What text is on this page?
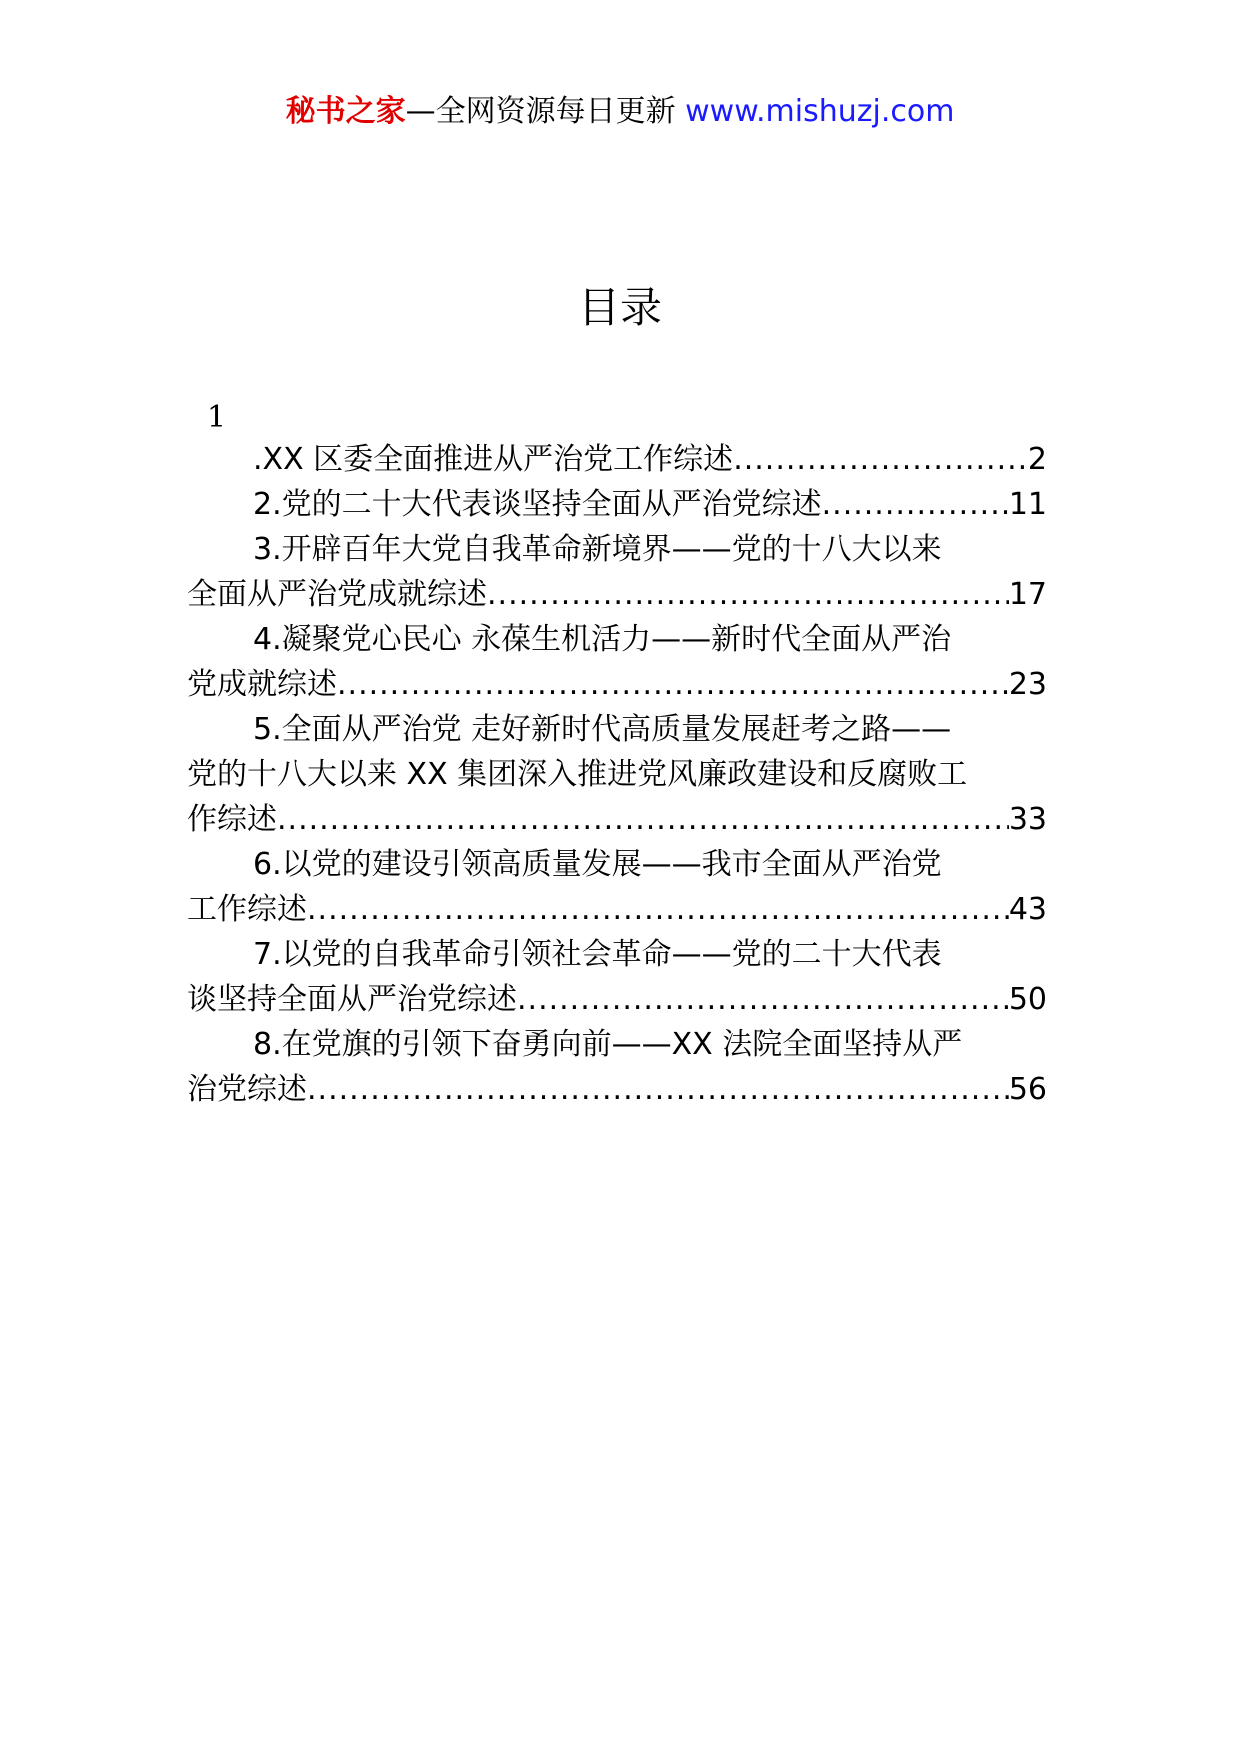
秘书之家—全网资源每日更新 www.mishuzj.com
目录
1
.XX 区委全面推进从严治党工作综述 .....	2
2.党的二十大代表谈坚持全面从严治党综述 .....	11
3.开辟百年大党自我革命新境界——党的十八大以来
全面从严治党成就综述 .....	17
4.凝聚党心民心 永葆生机活力——新时代全面从严治
党成就综述 .....	23
5.全面从严治党 走好新时代高质量发展赶考之路——
党的十八大以来 XX 集团深入推进党风廉政建设和反腐败工
作综述 .....	33
6.以党的建设引领高质量发展——我市全面从严治党
工作综述 .....	43
7.以党的自我革命引领社会革命——党的二十大代表
谈坚持全面从严治党综述 .....	50
8.在党旗的引领下奋勇向前——XX 法院全面坚持从严
治党综述 .....	56
